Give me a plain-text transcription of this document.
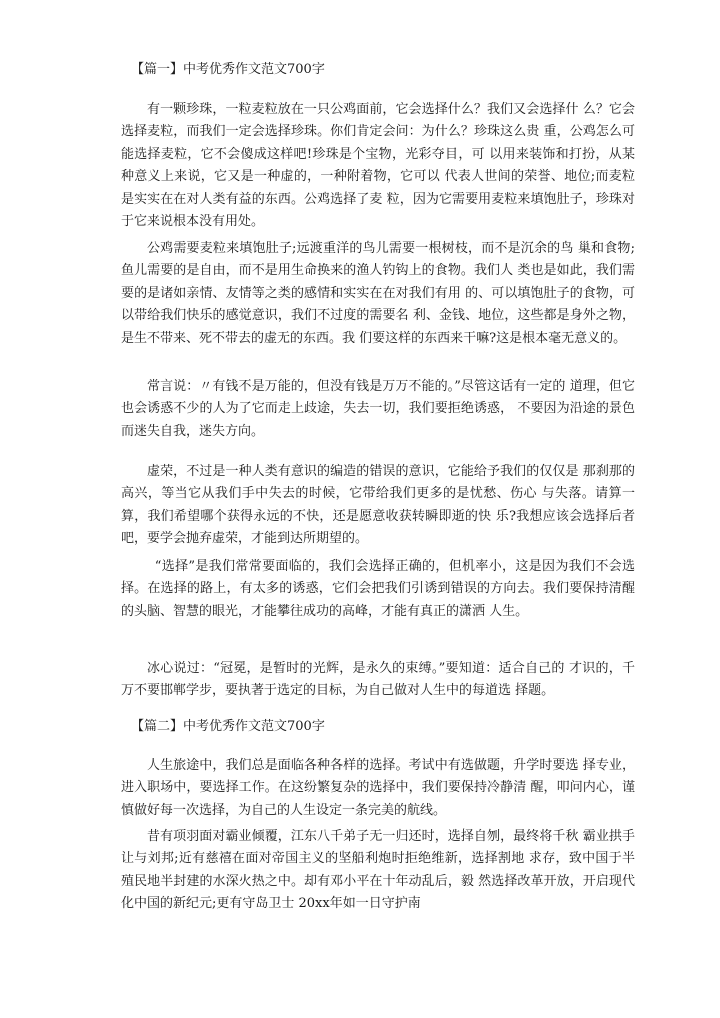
【篇一】中考优秀作文范文700字

有一颗珍珠，一粒麦粒放在一只公鸡面前，它会选择什么？我们又会选择什 么？它会选择麦粒，而我们一定会选择珍珠。你们肯定会问：为什么？珍珠这么贵 重，公鸡怎么可能选择麦粒，它不会傻成这样吧!珍珠是个宝物，光彩夺目，可 以用来装饰和打扮，从某种意义上来说，它又是一种虚的，一种附着物，它可以 代表人世间的荣誉、地位;而麦粒是实实在在对人类有益的东西。公鸡选择了麦 粒，因为它需要用麦粒来填饱肚子，珍珠对于它来说根本没有用处。

公鸡需要麦粒来填饱肚子;远渡重洋的鸟儿需要一根树枝，而不是沉余的鸟 巢和食物;鱼儿需要的是自由，而不是用生命换来的渔人钓钩上的食物。我们人 类也是如此，我们需要的是诸如亲情、友情等之类的感情和实实在在对我们有用 的、可以填饱肚子的食物，可以带给我们快乐的感觉意识，我们不过度的需要名 利、金钱、地位，这些都是身外之物，是生不带来、死不带去的虚无的东西。我 们要这样的东西来干嘛?这是根本毫无意义的。

常言说：〃有钱不是万能的，但没有钱是万万不能的。”尽管这话有一定的 道理，但它也会诱惑不少的人为了它而走上歧途，失去一切，我们要拒绝诱惑， 不要因为沿途的景色而迷失自我，迷失方向。

虚荣，不过是一种人类有意识的编造的错误的意识，它能给予我们的仅仅是 那刹那的高兴，等当它从我们手中失去的时候，它带给我们更多的是忧愁、伤心 与失落。请算一算，我们希望哪个获得永远的不快，还是愿意收获转瞬即逝的快 乐?我想应该会选择后者吧，要学会抛弃虚荣，才能到达所期望的。

“选择”是我们常常要面临的，我们会选择正确的，但机率小，这是因为我们不会选择。在选择的路上，有太多的诱惑，它们会把我们引诱到错误的方向去。我们要保持清醒的头脑、智慧的眼光，才能攀往成功的高峰，才能有真正的潇洒 人生。

冰心说过：“冠冕，是暂时的光辉，是永久的束缚。”要知道：适合自己的 才识的，千万不要邯郸学步，要执著于选定的目标，为自己做对人生中的每道选 择题。

【篇二】中考优秀作文范文700字

人生旅途中，我们总是面临各种各样的选择。考试中有选做题，升学时要选 择专业，进入职场中，要选择工作。在这纷繁复杂的选择中，我们要保持冷静清 醒，叩问内心，谨慎做好每一次选择，为自己的人生设定一条完美的航线。

昔有项羽面对霸业倾覆，江东八千弟子无一归还时，选择自刎，最终将千秋 霸业拱手让与刘邦;近有慈禧在面对帝国主义的坚船利炮时拒绝维新，选择割地 求存，致中国于半殖民地半封建的水深火热之中。却有邓小平在十年动乱后，毅 然选择改革开放，开启现代化中国的新纪元;更有守岛卫士 20xx年如一日守护南
